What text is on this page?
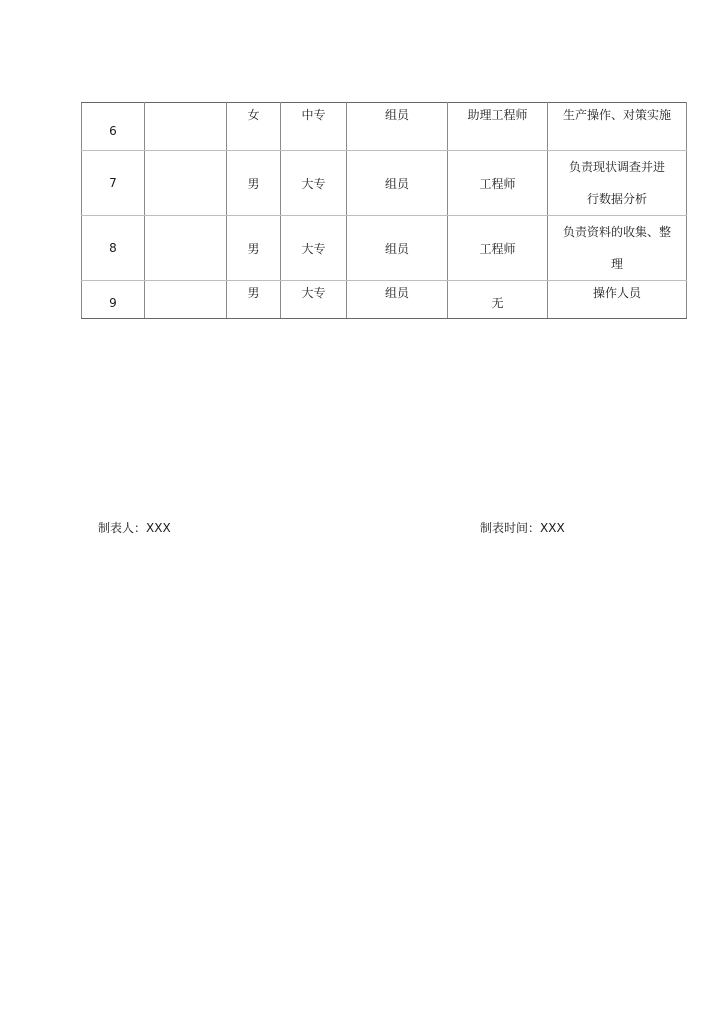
6		女	中专	组员	助理工程师	生产操作、对策实施
7		男	大专	组员	工程师	负责现状调查并进
行数据分析

8		男	大专	组员	工程师	负责资料的收集、整
理

9		男	大专	组员	无	操作人员
制表人：XXX	制表时间：XXX
